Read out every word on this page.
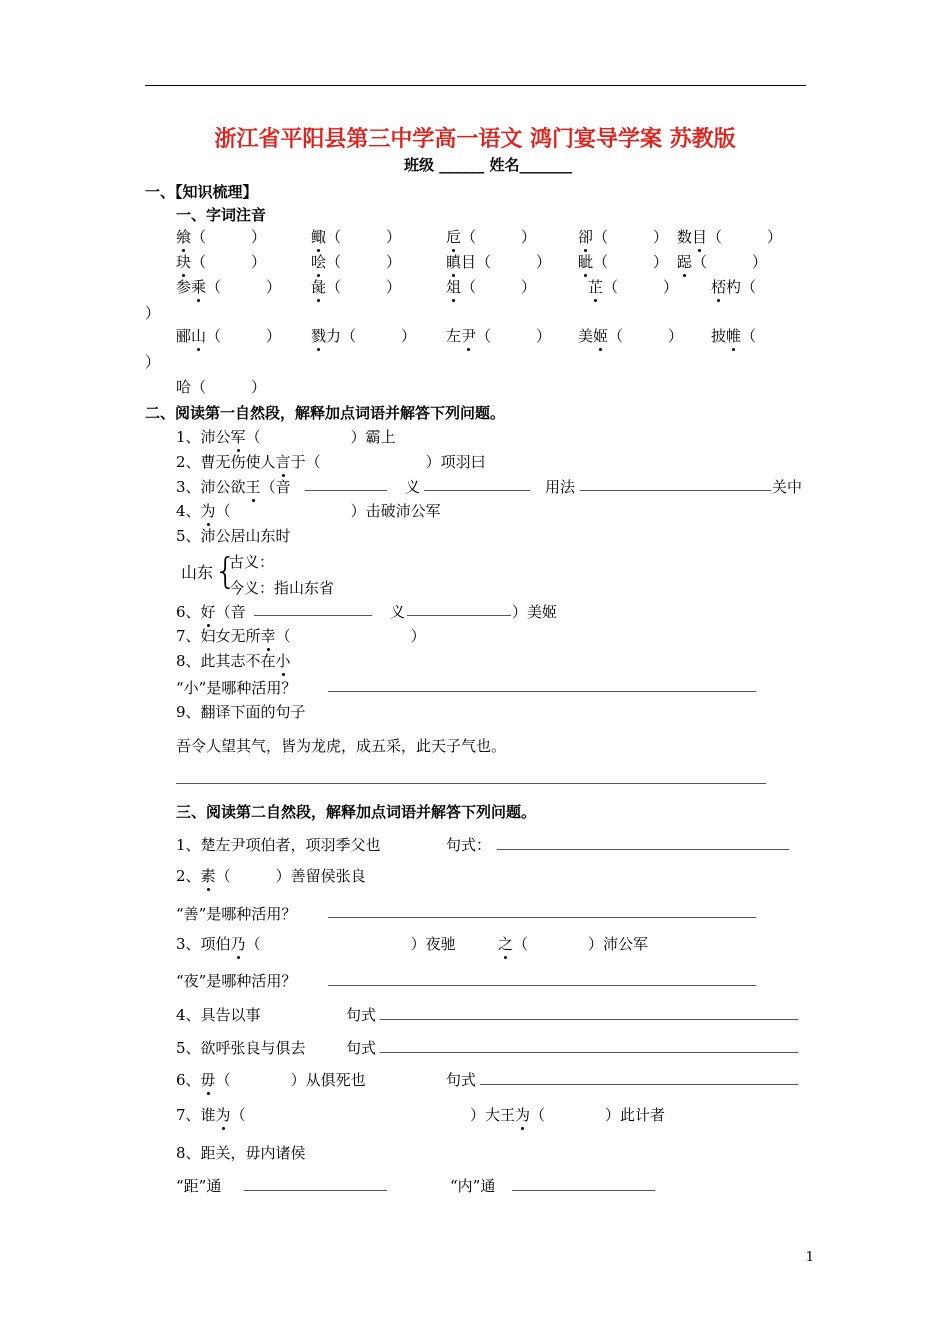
浙江省平阳县第三中学高一语文 鸿门宴导学案 苏教版
班级 ______ 姓名_______
一、【知识梳理】
一、字词注音
飨（　　　）	鲰（　　　）	卮（　　　）	卻（　　　） 数目（　　　）
玦（　　　）	哙（　　　）	瞋目（　　　） 眦（　　　） 跽（　　　）
参乘（　　　） 彘（　　　）	俎（　　　）	芷（　　　） 桮杓（
郦山（　　　） 戮力（　　　） 左尹（　　　） 美姬（　　　） 披帷（
）
）
哈（　　　）
二、阅读第一自然段，解释加点词语并解答下列问题。
1、沛公军（　　　　　　）霸上
2、曹无伤使人言于（　　　　　　　）项羽曰
3、沛公欲王（音	义	用法	关中
4、为（　　　　　　　　）击破沛公军
5、沛公居山东时
山东 {
古义：
今义：指山东省
6、好（音	义	）美姬
7、妇女无所幸（　　　　　　　　）
8、此其志不在小
“小”是哪种活用？
9、翻译下面的句子
吾令人望其气，皆为龙虎，成五采，此天子气也。
三、阅读第二自然段，解释加点词语并解答下列问题。
1、楚左尹项伯者，项羽季父也	句式：
2、素（　　　）善留侯张良
“善”是哪种活用？
3、项伯乃（　　　　　　　　　　）夜驰	之（　　　　）沛公军
“夜”是哪种活用？
4、具告以事	句式
5、欲呼张良与俱去	句式
6、毋（　　　　）从俱死也	句式
7、谁为（	）大王为（　　　　）此计者
8、距关，毋内诸侯
“距”通	“内”通
1
